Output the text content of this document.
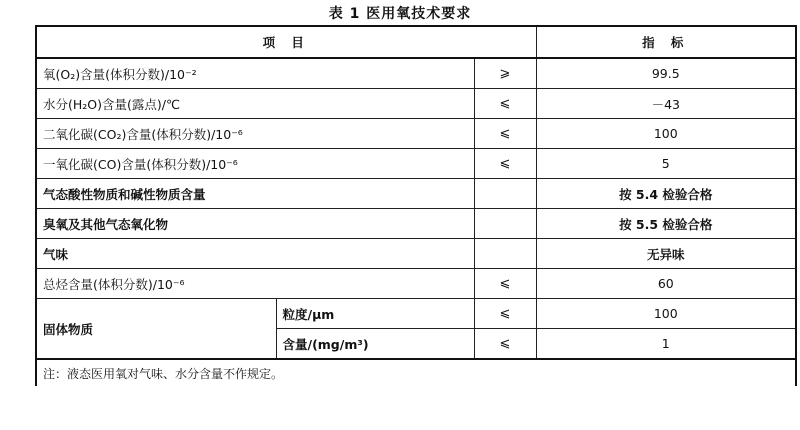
表 1 医用氧技术要求
项 目			指 标
氧(O₂)含量(体积分数)/10⁻²		⩾	99.5
水分(H₂O)含量(露点)/℃		⩽	－43
二氧化碳(CO₂)含量(体积分数)/10⁻⁶		⩽	100
一氧化碳(CO)含量(体积分数)/10⁻⁶		⩽	5
气态酸性物质和碱性物质含量			按 5.4 检验合格
臭氧及其他气态氧化物			按 5.5 检验合格
气味			无异味
总烃含量(体积分数)/10⁻⁶		⩽	60
固体物质	粒度/μm	⩽	100
	含量/(mg/m³)	⩽	1
注：液态医用氧对气味、水分含量不作规定。			
